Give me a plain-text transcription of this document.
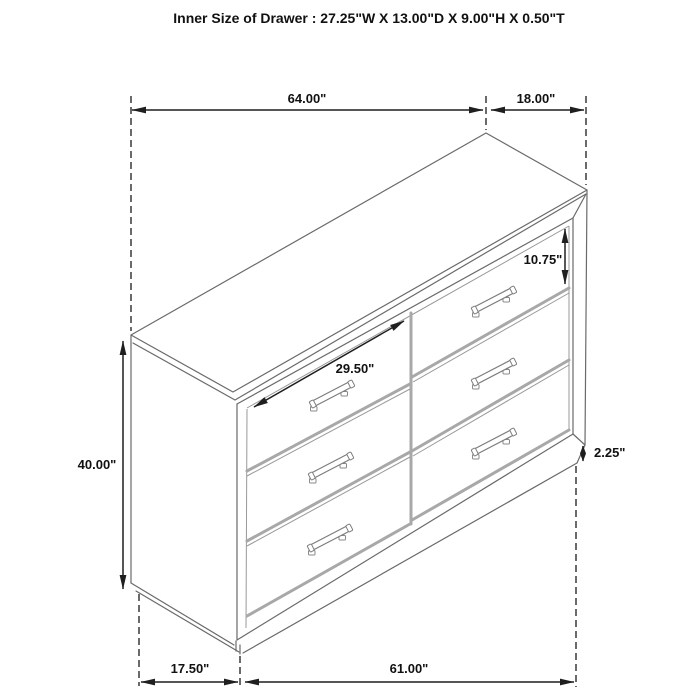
64.00"	18.00"
40.00"
10.75"
29.50"
2.25"
17.50"	61.00"
Inner Size of Drawer : 27.25"W X 13.00"D X 9.00"H X 0.50"T
